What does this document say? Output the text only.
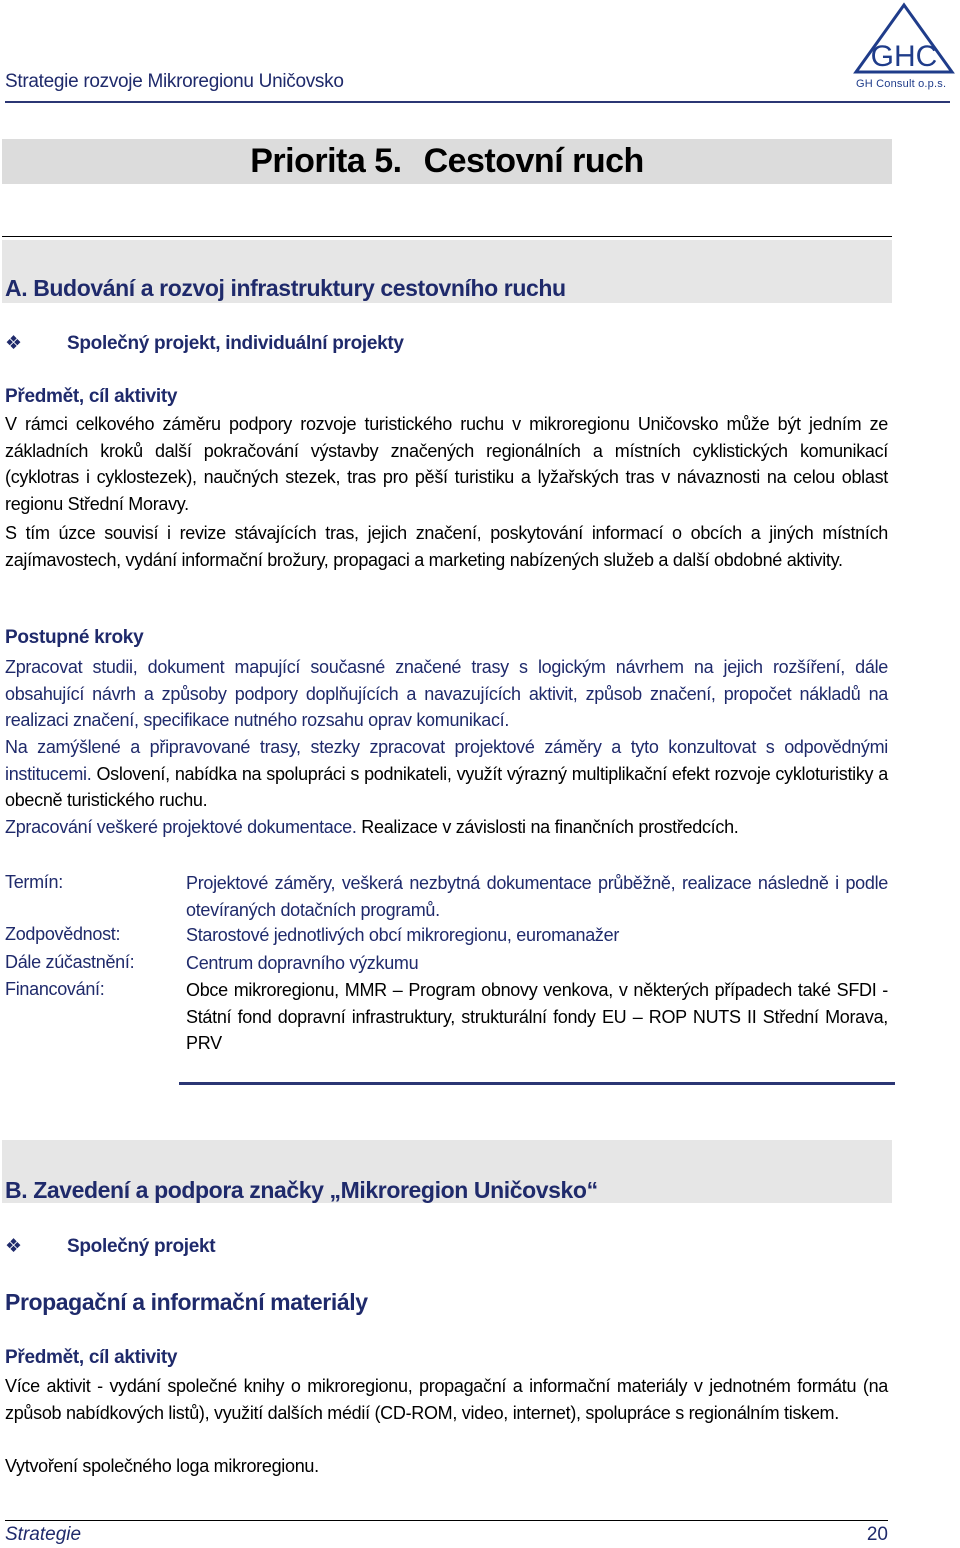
Strategie rozvoje Mikroregionu Uničovsko
GHC
GH Consult o.p.s.
Priorita 5. Cestovní ruch
A. Budování a rozvoj infrastruktury cestovního ruchu
❖ Společný projekt, individuální projekty
Předmět, cíl aktivity

V rámci celkového záměru podpory rozvoje turistického ruchu v mikroregionu Uničovsko může být jedním ze základních kroků další pokračování výstavby značených regionálních a místních cyklistických komunikací (cyklotras i cyklostezek), naučných stezek, tras pro pěší turistiku a lyžařských tras v návaznosti na celou oblast regionu Střední Moravy.

S tím úzce souvisí i revize stávajících tras, jejich značení, poskytování informací o obcích a jiných místních zajímavostech, vydání informační brožury, propagaci a marketing nabízených služeb a další obdobné aktivity.

Postupné kroky

Zpracovat studii, dokument mapující současné značené trasy s logickým návrhem na jejich rozšíření, dále obsahující návrh a způsoby podpory doplňujících a navazujících aktivit, způsob značení, propočet nákladů na realizaci značení, specifikace nutného rozsahu oprav komunikací.

Na zamýšlené a připravované trasy, stezky zpracovat projektové záměry a tyto konzultovat s odpovědnými institucemi. Oslovení, nabídka na spolupráci s podnikateli, využít výrazný multiplikační efekt rozvoje cykloturistiky a obecně turistického ruchu.

Zpracování veškeré projektové dokumentace. Realizace v závislosti na finančních prostředcích.

Termín:	Projektové záměry, veškerá nezbytná dokumentace průběžně, realizace následně i podle otevíraných dotačních programů.
Zodpovědnost:	Starostové jednotlivých obcí mikroregionu, euromanažer
Dále zúčastnění:	Centrum dopravního výzkumu
Financování:	Obce mikroregionu, MMR – Program obnovy venkova, v některých případech také SFDI - Státní fond dopravní infrastruktury, strukturální fondy EU – ROP NUTS II Střední Morava, PRV
B. Zavedení a podpora značky „Mikroregion Uničovsko“
❖ Společný projekt
Propagační a informační materiály
Předmět, cíl aktivity

Více aktivit - vydání společné knihy o mikroregionu, propagační a informační materiály v jednotném formátu (na způsob nabídkových listů), využití dalších médií (CD-ROM, video, internet), spolupráce s regionálním tiskem.

Vytvoření společného loga mikroregionu.

Strategie	20
